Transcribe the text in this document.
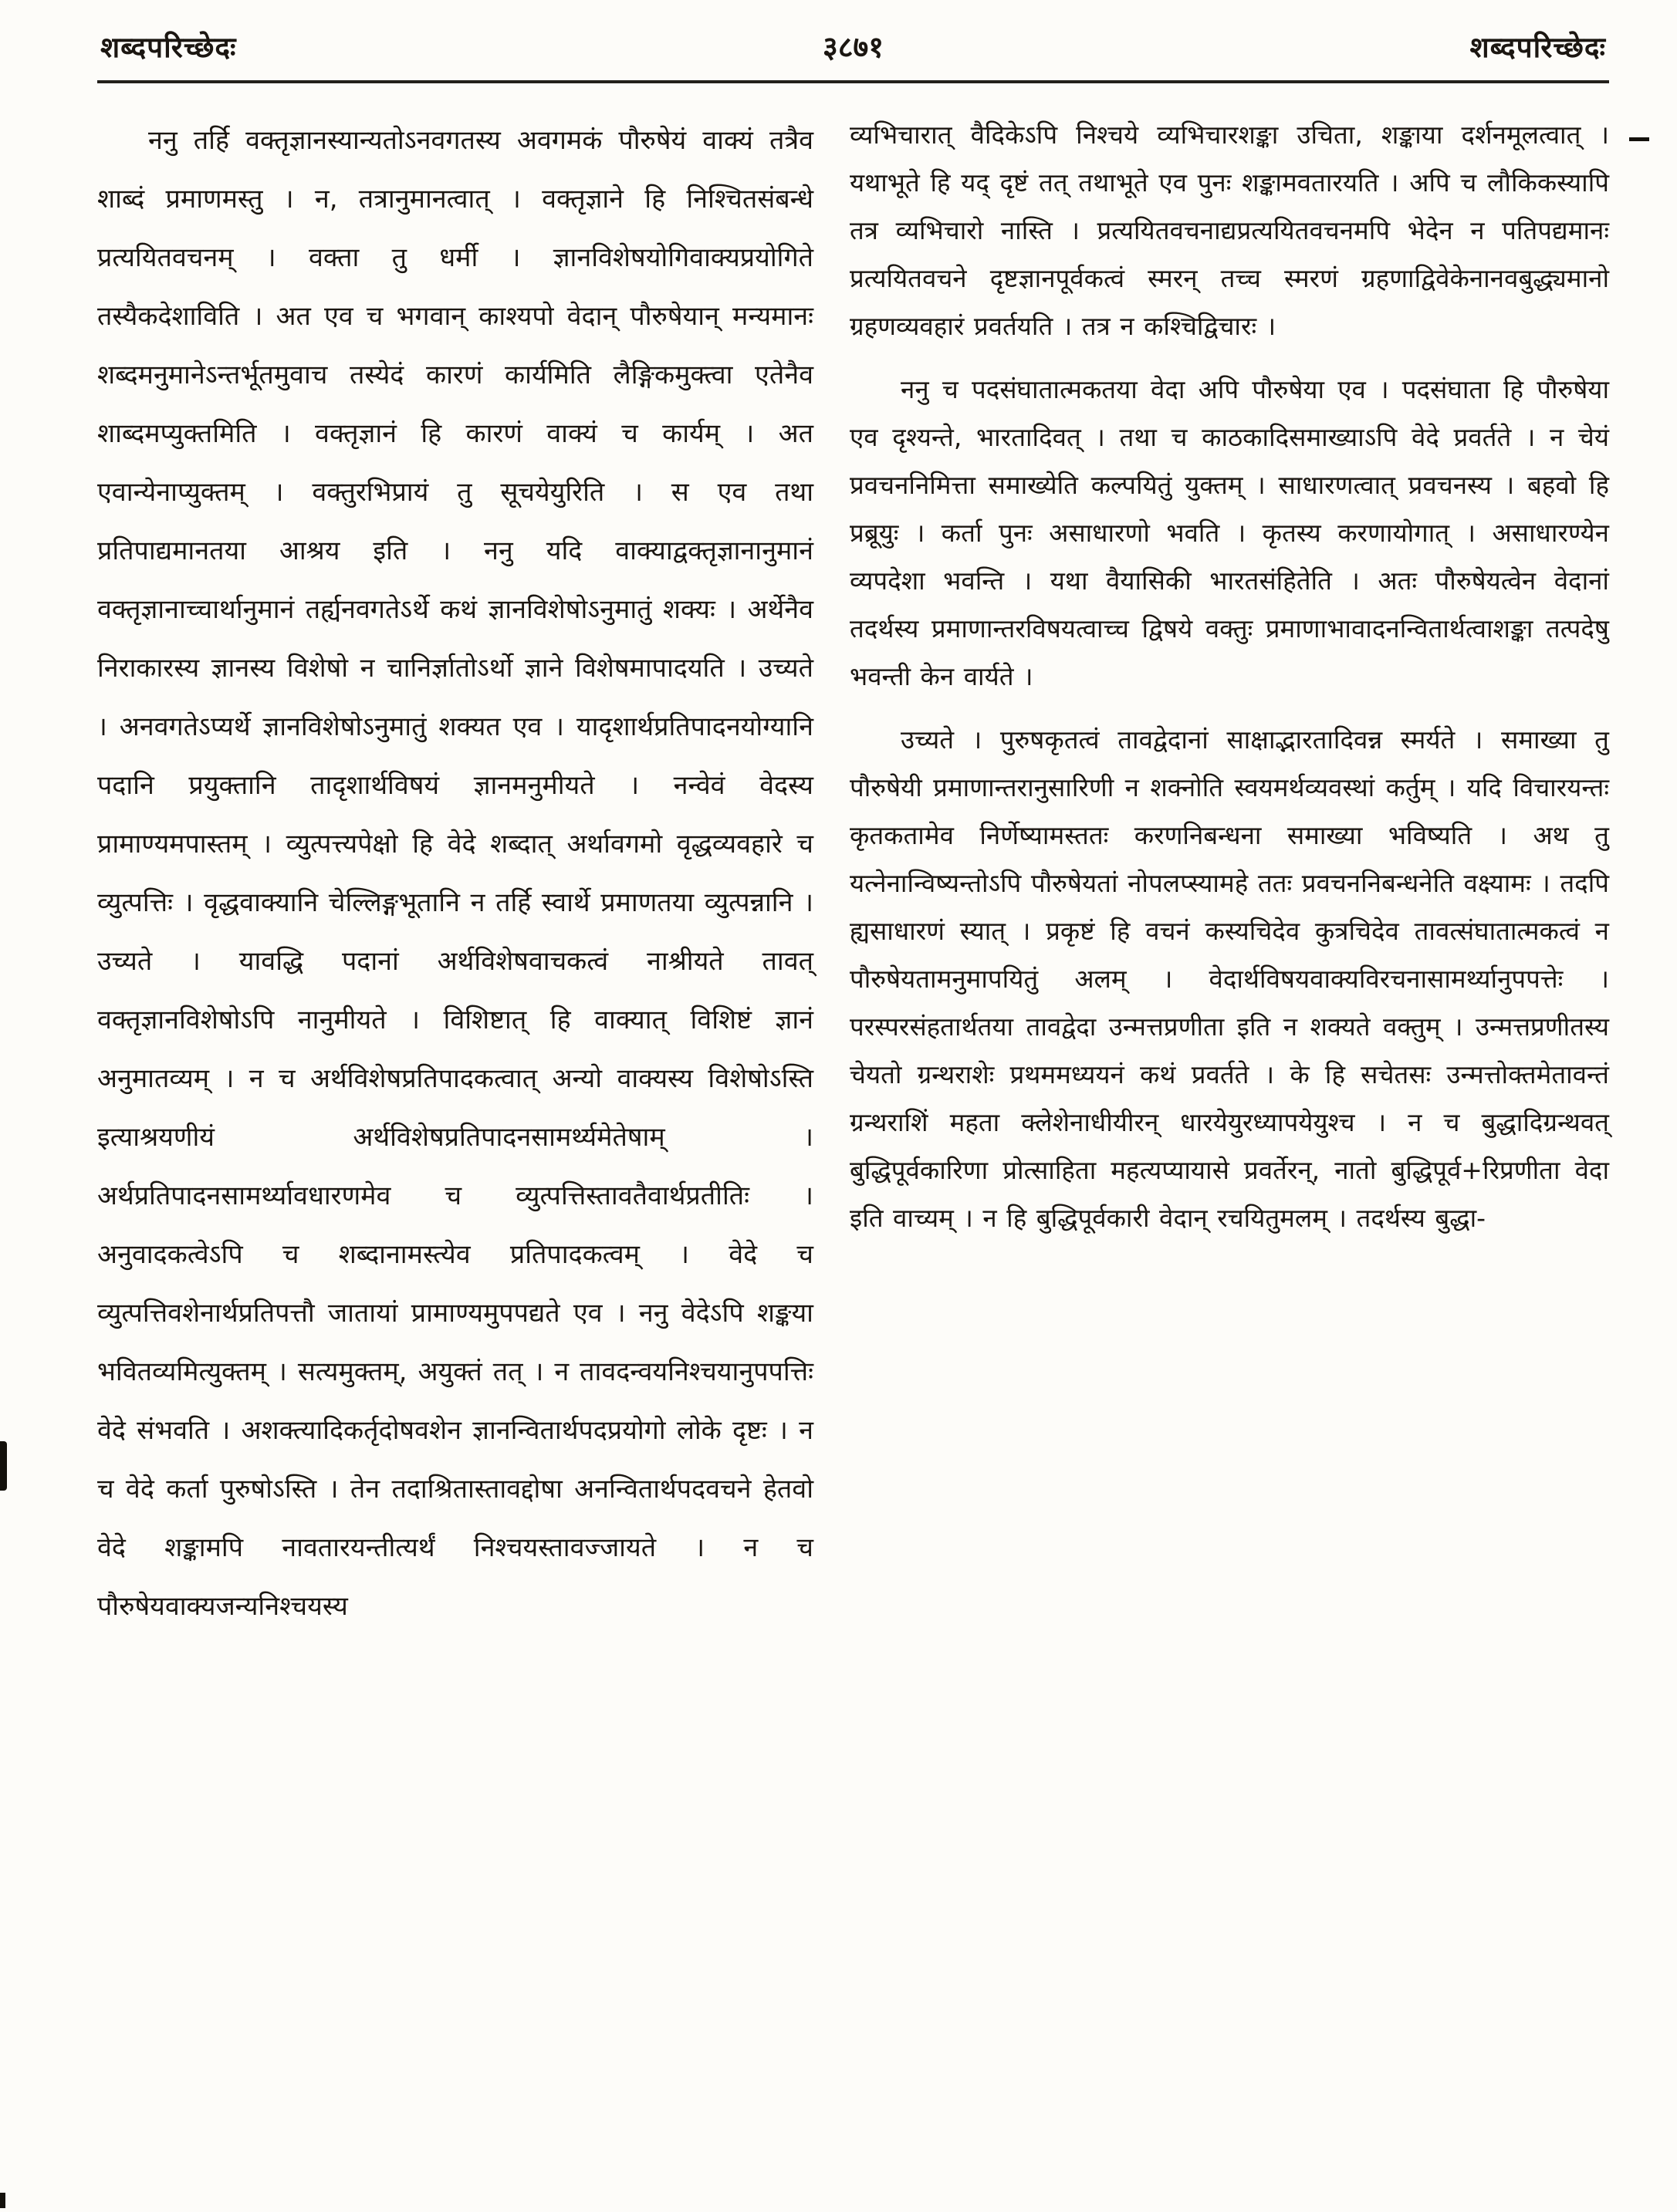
शब्दपरिच्छेदः	३८७१	शब्दपरिच्छेदः

ननु तर्हि वक्तृज्ञानस्यान्यतोऽनवगतस्य अवगमकं पौरुषेयं वाक्यं तत्रैव शाब्दं प्रमाणमस्तु । न, तत्रानुमानत्वात् । वक्तृज्ञाने हि निश्चितसंबन्धे प्रत्ययितवचनम् । वक्ता तु धर्मी । ज्ञानविशेषयोगिवाक्यप्रयोगिते तस्यैकदेशाविति । अत एव च भगवान् काश्यपो वेदान् पौरुषेयान् मन्यमानः शब्दमनुमानेऽन्तर्भूतमुवाच तस्येदं कारणं कार्यमिति लैङ्गिकमुक्त्वा एतेनैव शाब्दमप्युक्तमिति । वक्तृज्ञानं हि कारणं वाक्यं च कार्यम् । अत एवान्येनाप्युक्तम् । वक्तुरभिप्रायं तु सूचयेयुरिति । स एव तथा प्रतिपाद्यमानतया आश्रय इति । ननु यदि वाक्याद्वक्तृज्ञानानुमानं वक्तृज्ञानाच्चार्थानुमानं तर्ह्यनवगतेऽर्थे कथं ज्ञानविशेषोऽनुमातुं शक्यः । अर्थेनैव निराकारस्य ज्ञानस्य विशेषो न चानिर्ज्ञातोऽर्थो ज्ञाने विशेषमापादयति । उच्यते । अनवगतेऽप्यर्थे ज्ञानविशेषोऽनुमातुं शक्यत एव । यादृशार्थप्रतिपादनयोग्यानि पदानि प्रयुक्तानि तादृशार्थविषयं ज्ञानमनुमीयते । नन्वेवं वेदस्य प्रामाण्यमपास्तम् । व्युत्पत्त्यपेक्षो हि वेदे शब्दात् अर्थावगमो वृद्धव्यवहारे च व्युत्पत्तिः । वृद्धवाक्यानि चेल्लिङ्गभूतानि न तर्हि स्वार्थे प्रमाणतया व्युत्पन्नानि । उच्यते । यावद्धि पदानां अर्थविशेषवाचकत्वं नाश्रीयते तावत् वक्तृज्ञानविशेषोऽपि नानुमीयते । विशिष्टात् हि वाक्यात् विशिष्टं ज्ञानं अनुमातव्यम् । न च अर्थविशेषप्रतिपादकत्वात् अन्यो वाक्यस्य विशेषोऽस्ति इत्याश्रयणीयं अर्थविशेषप्रतिपादनसामर्थ्यमेतेषाम् । अर्थप्रतिपादनसामर्थ्यावधारणमेव च व्युत्पत्तिस्तावतैवार्थप्रतीतिः । अनुवादकत्वेऽपि च शब्दानामस्त्येव प्रतिपादकत्वम् । वेदे च व्युत्पत्तिवशेनार्थप्रतिपत्तौ जातायां प्रामाण्यमुपपद्यते एव । ननु वेदेऽपि शङ्कया भवितव्यमित्युक्तम् । सत्यमुक्तम्, अयुक्तं तत् । न तावदन्वयनिश्चयानुपपत्तिः वेदे संभवति । अशक्त्यादिकर्तृदोषवशेन ज्ञानन्वितार्थपदप्रयोगो लोके दृष्टः । न च वेदे कर्ता पुरुषोऽस्ति । तेन तदाश्रितास्तावद्दोषा अनन्वितार्थपदवचने हेतवो वेदे शङ्कामपि नावतारयन्तीत्यर्थं निश्चयस्तावज्जायते । न च पौरुषेयवाक्यजन्यनिश्चयस्य

व्यभिचारात् वैदिकेऽपि निश्चये व्यभिचारशङ्का उचिता, शङ्काया दर्शनमूलत्वात् । यथाभूते हि यद् दृष्टं तत् तथाभूते एव पुनः शङ्कामवतारयति । अपि च लौकिकस्यापि तत्र व्यभिचारो नास्ति । प्रत्ययितवचनाद्यप्रत्ययितवचनमपि भेदेन न पतिपद्यमानः प्रत्ययितवचने दृष्टज्ञानपूर्वकत्वं स्मरन् तच्च स्मरणं ग्रहणाद्विवेकेनानवबुद्ध्यमानो ग्रहणव्यवहारं प्रवर्तयति । तत्र न कश्चिद्विचारः ।

ननु च पदसंघातात्मकतया वेदा अपि पौरुषेया एव । पदसंघाता हि पौरुषेया एव दृश्यन्ते, भारतादिवत् । तथा च काठकादिसमाख्याऽपि वेदे प्रवर्तते । न चेयं प्रवचननिमित्ता समाख्येति कल्पयितुं युक्तम् । साधारणत्वात् प्रवचनस्य । बहवो हि प्रब्रूयुः । कर्ता पुनः असाधारणो भवति । कृतस्य करणायोगात् । असाधारण्येन व्यपदेशा भवन्ति । यथा वैयासिकी भारतसंहितेति । अतः पौरुषेयत्वेन वेदानां तदर्थस्य प्रमाणान्तरविषयत्वाच्च द्विषये वक्तुः प्रमाणाभावादनन्वितार्थत्वाशङ्का तत्पदेषु भवन्ती केन वार्यते ।

उच्यते । पुरुषकृतत्वं तावद्वेदानां साक्षाद्भारतादिवन्न स्मर्यते । समाख्या तु पौरुषेयी प्रमाणान्तरानुसारिणी न शक्नोति स्वयमर्थव्यवस्थां कर्तुम् । यदि विचारयन्तः कृतकतामेव निर्णेष्यामस्ततः करणनिबन्धना समाख्या भविष्यति । अथ तु यत्नेनान्विष्यन्तोऽपि पौरुषेयतां नोपलप्स्यामहे ततः प्रवचननिबन्धनेति वक्ष्यामः । तदपि ह्यसाधारणं स्यात् । प्रकृष्टं हि वचनं कस्यचिदेव कुत्रचिदेव तावत्संघातात्मकत्वं न पौरुषेयतामनुमापयितुं अलम् । वेदार्थविषयवाक्यविरचनासामर्थ्यानुपपत्तेः । परस्परसंहतार्थतया तावद्वेदा उन्मत्तप्रणीता इति न शक्यते वक्तुम् । उन्मत्तप्रणीतस्य चेयतो ग्रन्थराशेः प्रथममध्ययनं कथं प्रवर्तते । के हि सचेतसः उन्मत्तोक्तमेतावन्तं ग्रन्थराशिं महता क्लेशेनाधीयीरन् धारयेयुरध्यापयेयुश्च । न च बुद्धादिग्रन्थवत् बुद्धिपूर्वकारिणा प्रोत्साहिता महत्यप्यायासे प्रवर्तेरन्, नातो बुद्धिपूर्व+रिप्रणीता वेदा इति वाच्यम् । न हि बुद्धिपूर्वकारी वेदान् रचयितुमलम् । तदर्थस्य बुद्धा-
